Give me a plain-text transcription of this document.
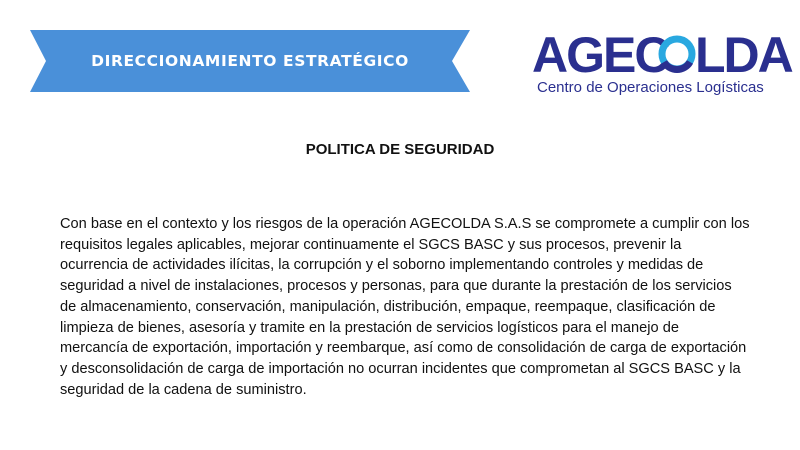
DIRECCIONAMIENTO ESTRATÉGICO	AGEC LDA
Centro de Operaciones Logísticas
POLITICA DE SEGURIDAD
Con base en el contexto y los riesgos de la operación AGECOLDA S.A.S se compromete a cumplir con los requisitos legales aplicables, mejorar continuamente el SGCS BASC y sus procesos, prevenir la ocurrencia de actividades ilícitas, la corrupción y el soborno implementando controles y medidas de seguridad a nivel de instalaciones, procesos y personas, para que durante la prestación de los servicios de almacenamiento, conservación, manipulación, distribución, empaque, reempaque, clasificación de limpieza de bienes, asesoría y tramite en la prestación de servicios logísticos para el manejo de mercancía de exportación, importación y reembarque, así como de consolidación de carga de exportación y desconsolidación de carga de importación no ocurran incidentes que comprometan al SGCS BASC y la seguridad de la cadena de suministro.
